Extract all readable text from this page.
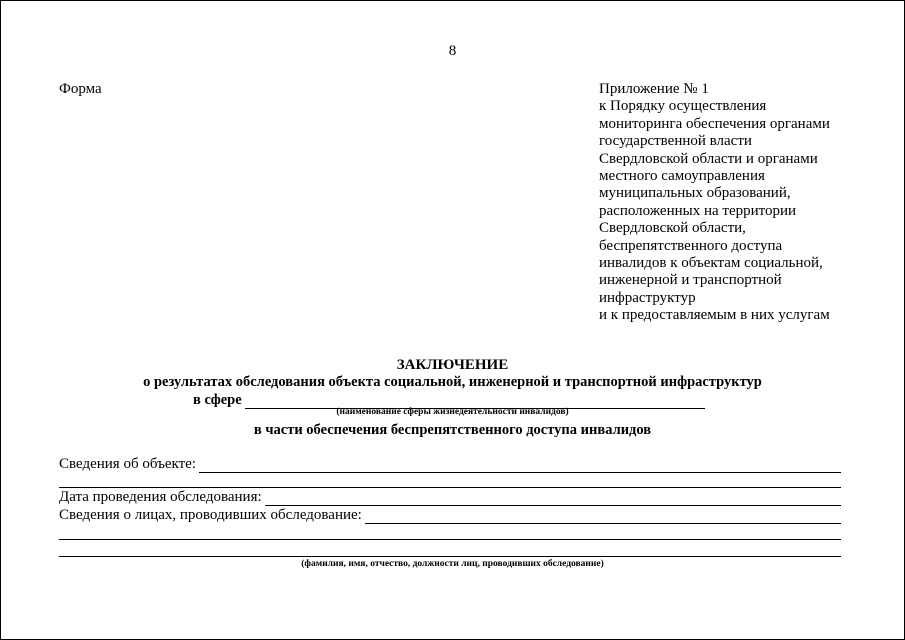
8
Форма	Приложение № 1
к Порядку осуществления
мониторинга обеспечения органами
государственной власти
Свердловской области и органами
местного самоуправления
муниципальных образований,
расположенных на территории
Свердловской области,
беспрепятственного доступа
инвалидов к объектам социальной,
инженерной и транспортной
инфраструктур
и к предоставляемым в них услугам
ЗАКЛЮЧЕНИЕ
о результатах обследования объекта социальной, инженерной и транспортной инфраструктур
в сфере
(наименование сферы жизнедеятельности инвалидов)
в части обеспечения беспрепятственного доступа инвалидов
Сведения об объекте:
Дата проведения обследования:
Сведения о лицах, проводивших обследование:
(фамилия, имя, отчество, должности лиц, проводивших обследование)
